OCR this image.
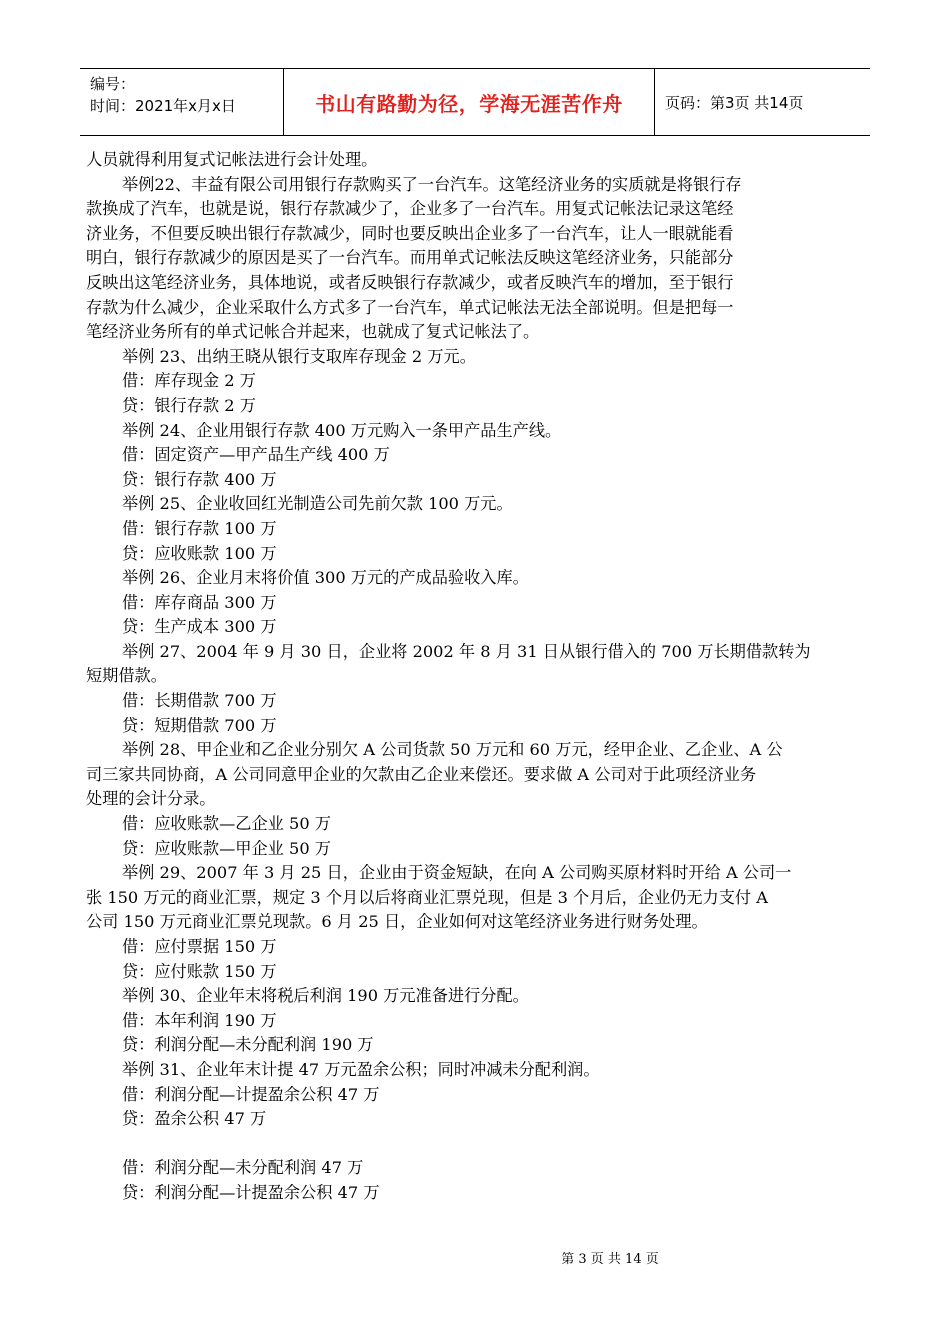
编号：
时间：2021年x月x日	书山有路勤为径，学海无涯苦作舟	页码：第3页 共14页
人员就得利用复式记帐法进行会计处理。
举例22、丰益有限公司用银行存款购买了一台汽车。这笔经济业务的实质就是将银行存
款换成了汽车，也就是说，银行存款减少了，企业多了一台汽车。用复式记帐法记录这笔经
济业务，不但要反映出银行存款减少，同时也要反映出企业多了一台汽车，让人一眼就能看
明白，银行存款减少的原因是买了一台汽车。而用单式记帐法反映这笔经济业务，只能部分
反映出这笔经济业务，具体地说，或者反映银行存款减少，或者反映汽车的增加，至于银行
存款为什么减少，企业采取什么方式多了一台汽车，单式记帐法无法全部说明。但是把每一
笔经济业务所有的单式记帐合并起来，也就成了复式记帐法了。
举例 23、出纳王晓从银行支取库存现金 2 万元。
借：库存现金 2 万
贷：银行存款 2 万
举例 24、企业用银行存款 400 万元购入一条甲产品生产线。
借：固定资产—甲产品生产线 400 万
贷：银行存款 400 万
举例 25、企业收回红光制造公司先前欠款 100 万元。
借：银行存款 100 万
贷：应收账款 100 万
举例 26、企业月末将价值 300 万元的产成品验收入库。
借：库存商品 300 万
贷：生产成本 300 万
举例 27、2004 年 9 月 30 日，企业将 2002 年 8 月 31 日从银行借入的 700 万长期借款转为
短期借款。
借：长期借款 700 万
贷：短期借款 700 万
举例 28、甲企业和乙企业分别欠 A 公司货款 50 万元和 60 万元，经甲企业、乙企业、A 公
司三家共同协商，A 公司同意甲企业的欠款由乙企业来偿还。要求做 A 公司对于此项经济业务
处理的会计分录。
借：应收账款—乙企业 50 万
贷：应收账款—甲企业 50 万
举例 29、2007 年 3 月 25 日，企业由于资金短缺，在向 A 公司购买原材料时开给 A 公司一
张 150 万元的商业汇票，规定 3 个月以后将商业汇票兑现，但是 3 个月后，企业仍无力支付 A
公司 150 万元商业汇票兑现款。6 月 25 日，企业如何对这笔经济业务进行财务处理。
借：应付票据 150 万
贷：应付账款 150 万
举例 30、企业年末将税后利润 190 万元准备进行分配。
借：本年利润 190 万
贷：利润分配—未分配利润 190 万
举例 31、企业年末计提 47 万元盈余公积；同时冲减未分配利润。
借：利润分配—计提盈余公积 47 万
贷：盈余公积 47 万
借：利润分配—未分配利润 47 万
贷：利润分配—计提盈余公积 47 万
第 3 页 共 14 页
